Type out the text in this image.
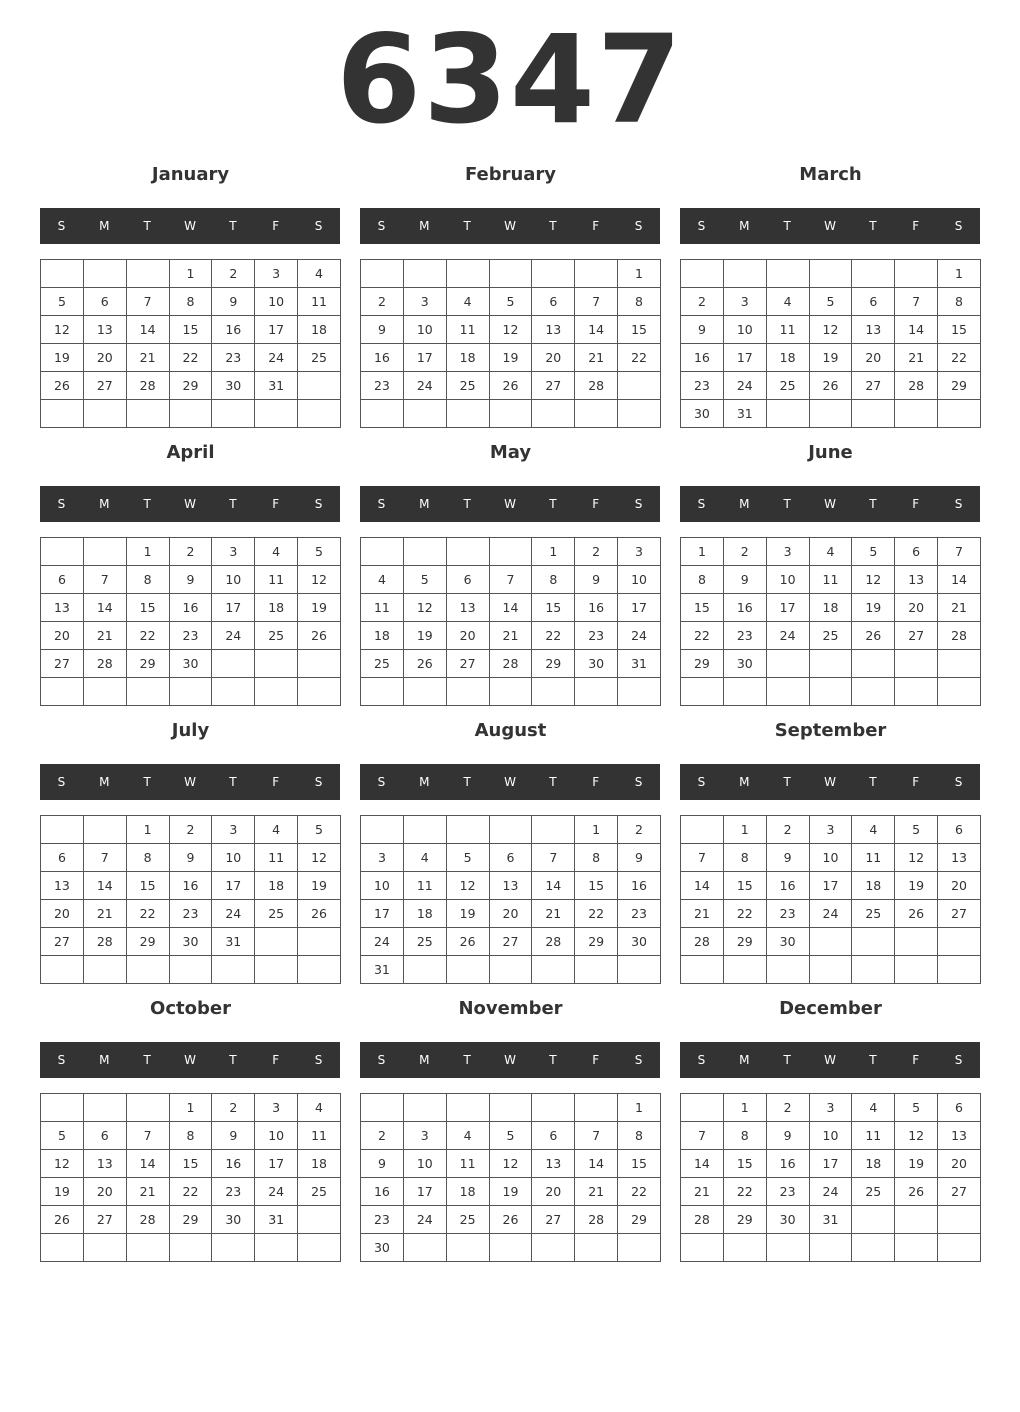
6347
January
S	M	T	W	T	F	S
			1	2	3	4
5	6	7	8	9	10	11
12	13	14	15	16	17	18
19	20	21	22	23	24	25
26	27	28	29	30	31	

February
S	M	T	W	T	F	S
						1
2	3	4	5	6	7	8
9	10	11	12	13	14	15
16	17	18	19	20	21	22
23	24	25	26	27	28	

March
S	M	T	W	T	F	S
						1
2	3	4	5	6	7	8
9	10	11	12	13	14	15
16	17	18	19	20	21	22
23	24	25	26	27	28	29
30	31					
April
S	M	T	W	T	F	S
		1	2	3	4	5
6	7	8	9	10	11	12
13	14	15	16	17	18	19
20	21	22	23	24	25	26
27	28	29	30			

May
S	M	T	W	T	F	S
				1	2	3
4	5	6	7	8	9	10
11	12	13	14	15	16	17
18	19	20	21	22	23	24
25	26	27	28	29	30	31

June
S	M	T	W	T	F	S
1	2	3	4	5	6	7
8	9	10	11	12	13	14
15	16	17	18	19	20	21
22	23	24	25	26	27	28
29	30					

July
S	M	T	W	T	F	S
		1	2	3	4	5
6	7	8	9	10	11	12
13	14	15	16	17	18	19
20	21	22	23	24	25	26
27	28	29	30	31		

August
S	M	T	W	T	F	S
					1	2
3	4	5	6	7	8	9
10	11	12	13	14	15	16
17	18	19	20	21	22	23
24	25	26	27	28	29	30
31						
September
S	M	T	W	T	F	S
	1	2	3	4	5	6
7	8	9	10	11	12	13
14	15	16	17	18	19	20
21	22	23	24	25	26	27
28	29	30				

October
S	M	T	W	T	F	S
			1	2	3	4
5	6	7	8	9	10	11
12	13	14	15	16	17	18
19	20	21	22	23	24	25
26	27	28	29	30	31	

November
S	M	T	W	T	F	S
						1
2	3	4	5	6	7	8
9	10	11	12	13	14	15
16	17	18	19	20	21	22
23	24	25	26	27	28	29
30						
December
S	M	T	W	T	F	S
	1	2	3	4	5	6
7	8	9	10	11	12	13
14	15	16	17	18	19	20
21	22	23	24	25	26	27
28	29	30	31			
